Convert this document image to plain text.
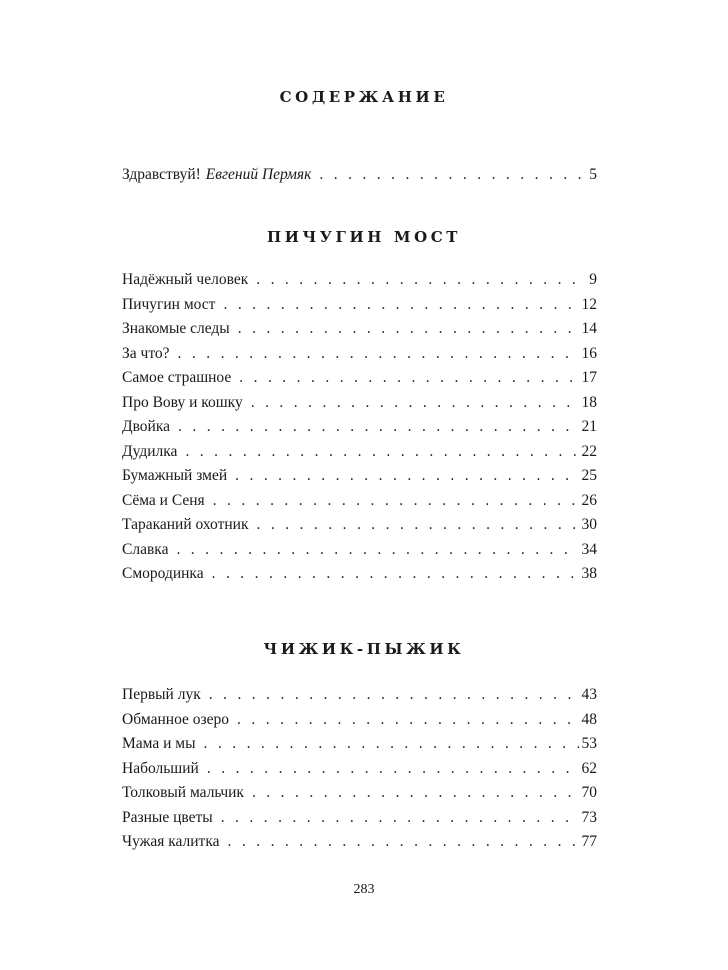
СОДЕРЖАНИЕ
Здравствуй! Евгений Пермяк . . .	5
ПИЧУГИН МОСТ
Надёжный человек . . .	9
Пичугин мост . . .	12
Знакомые следы . . .	14
За что? . . .	16
Самое страшное . . .	17
Про Вову и кошку . . .	18
Двойка . . .	21
Дудилка . . .	22
Бумажный змей . . .	25
Сёма и Сеня . . .	26
Тараканий охотник . . .	30
Славка . . .	34
Смородинка . . .	38
ЧИЖИК-ПЫЖИК
Первый лук . . .	43
Обманное озеро . . .	48
Мама и мы . . .	53
Набольший . . .	62
Толковый мальчик . . .	70
Разные цветы . . .	73
Чужая калитка . . .	77
283
